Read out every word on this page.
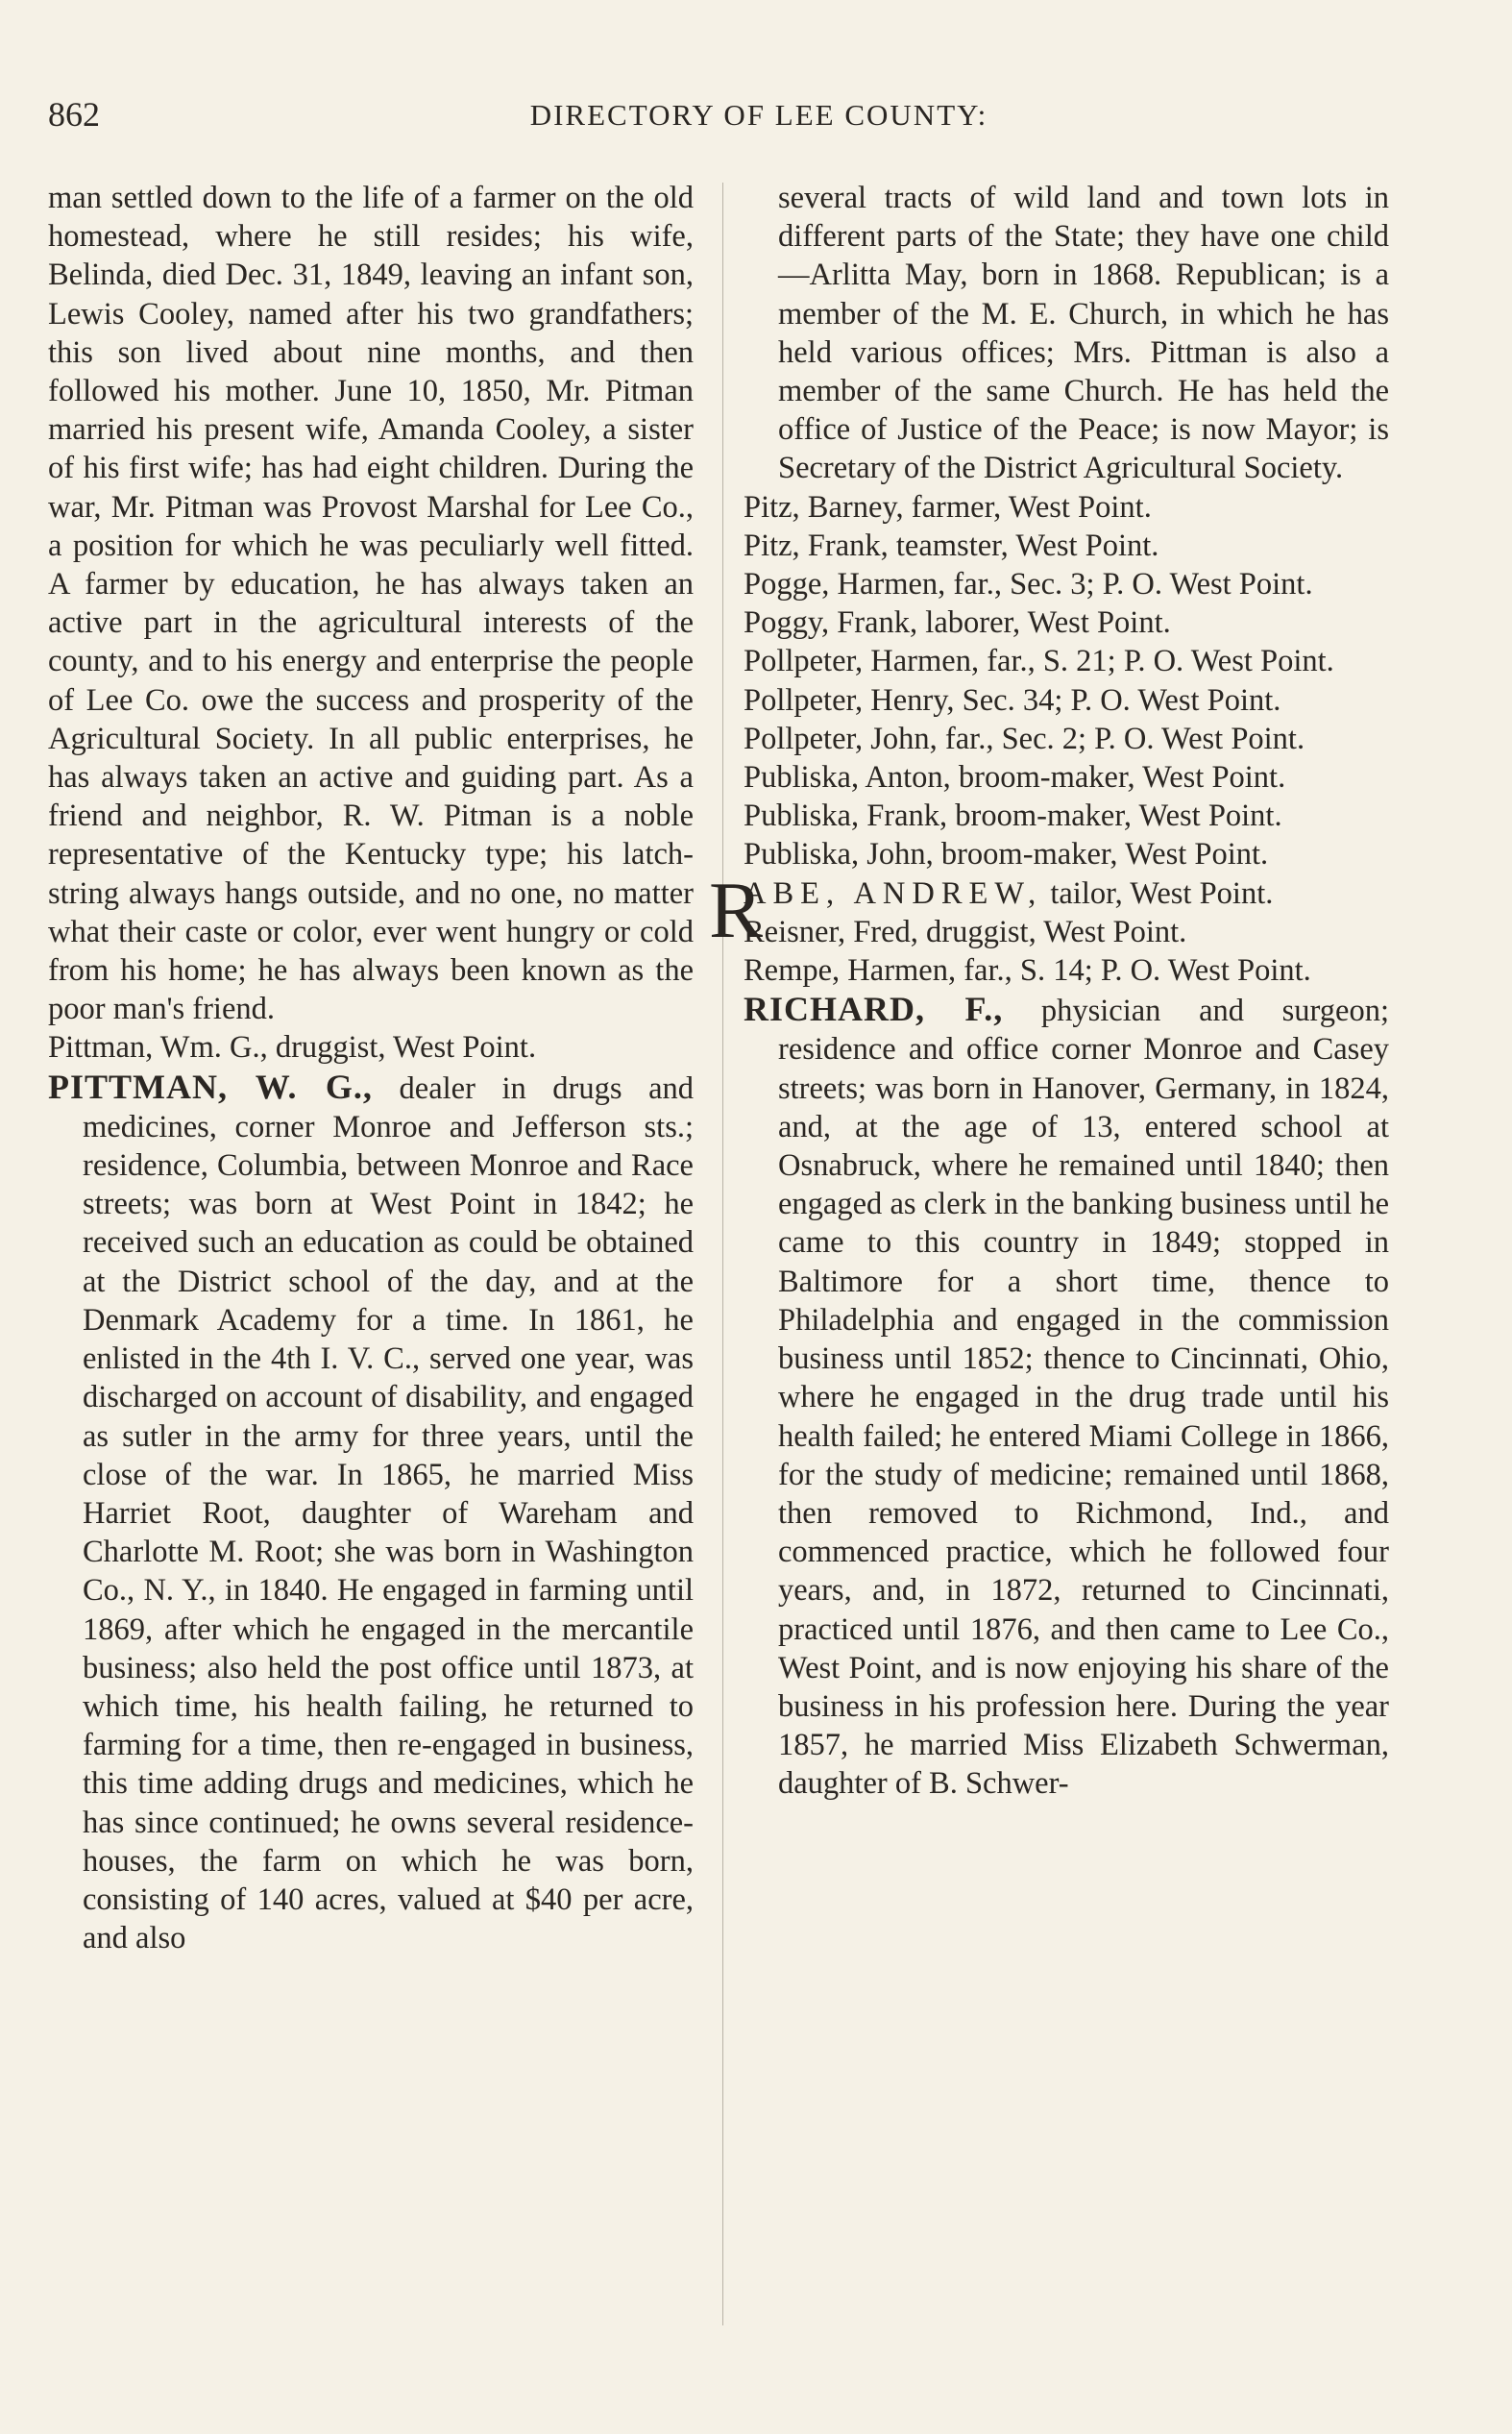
862	DIRECTORY OF LEE COUNTY:

man settled down to the life of a farmer on the old homestead, where he still resides; his wife, Belinda, died Dec. 31, 1849, leaving an infant son, Lewis Cooley, named after his two grandfathers; this son lived about nine months, and then followed his mother. June 10, 1850, Mr. Pitman married his present wife, Amanda Cooley, a sister of his first wife; has had eight children. During the war, Mr. Pitman was Provost Marshal for Lee Co., a position for which he was peculiarly well fitted. A farmer by education, he has always taken an active part in the agricultural interests of the county, and to his energy and enterprise the people of Lee Co. owe the success and prosperity of the Agricultural Society. In all public enterprises, he has always taken an active and guiding part. As a friend and neighbor, R. W. Pitman is a noble representative of the Kentucky type; his latch-string always hangs outside, and no one, no matter what their caste or color, ever went hungry or cold from his home; he has always been known as the poor man's friend.

Pittman, Wm. G., druggist, West Point.

PITTMAN, W. G., dealer in drugs and medicines, corner Monroe and Jefferson sts.; residence, Columbia, between Monroe and Race streets; was born at West Point in 1842; he received such an education as could be obtained at the District school of the day, and at the Denmark Academy for a time. In 1861, he enlisted in the 4th I. V. C., served one year, was discharged on account of disability, and engaged as sutler in the army for three years, until the close of the war. In 1865, he married Miss Harriet Root, daughter of Wareham and Charlotte M. Root; she was born in Washington Co., N. Y., in 1840. He engaged in farming until 1869, after which he engaged in the mercantile business; also held the post office until 1873, at which time, his health failing, he returned to farming for a time, then re-engaged in business, this time adding drugs and medicines, which he has since continued; he owns several residence-houses, the farm on which he was born, consisting of 140 acres, valued at $40 per acre, and also

several tracts of wild land and town lots in different parts of the State; they have one child—Arlitta May, born in 1868. Republican; is a member of the M. E. Church, in which he has held various offices; Mrs. Pittman is also a member of the same Church. He has held the office of Justice of the Peace; is now Mayor; is Secretary of the District Agricultural Society.

Pitz, Barney, farmer, West Point.

Pitz, Frank, teamster, West Point.

Pogge, Harmen, far., Sec. 3; P. O. West Point.

Poggy, Frank, laborer, West Point.

Pollpeter, Harmen, far., S. 21; P. O. West Point.

Pollpeter, Henry, Sec. 34; P. O. West Point.

Pollpeter, John, far., Sec. 2; P. O. West Point.

Publiska, Anton, broom-maker, West Point.

Publiska, Frank, broom-maker, West Point.

Publiska, John, broom-maker, West Point.

R
ABE, ANDREW, tailor, West Point.

Reisner, Fred, druggist, West Point.

Rempe, Harmen, far., S. 14; P. O. West Point.

RICHARD, F., physician and surgeon; residence and office corner Monroe and Casey streets; was born in Hanover, Germany, in 1824, and, at the age of 13, entered school at Osnabruck, where he remained until 1840; then engaged as clerk in the banking business until he came to this country in 1849; stopped in Baltimore for a short time, thence to Philadelphia and engaged in the commission business until 1852; thence to Cincinnati, Ohio, where he engaged in the drug trade until his health failed; he entered Miami College in 1866, for the study of medicine; remained until 1868, then removed to Richmond, Ind., and commenced practice, which he followed four years, and, in 1872, returned to Cincinnati, practiced until 1876, and then came to Lee Co., West Point, and is now enjoying his share of the business in his profession here. During the year 1857, he married Miss Elizabeth Schwerman, daughter of B. Schwer-
